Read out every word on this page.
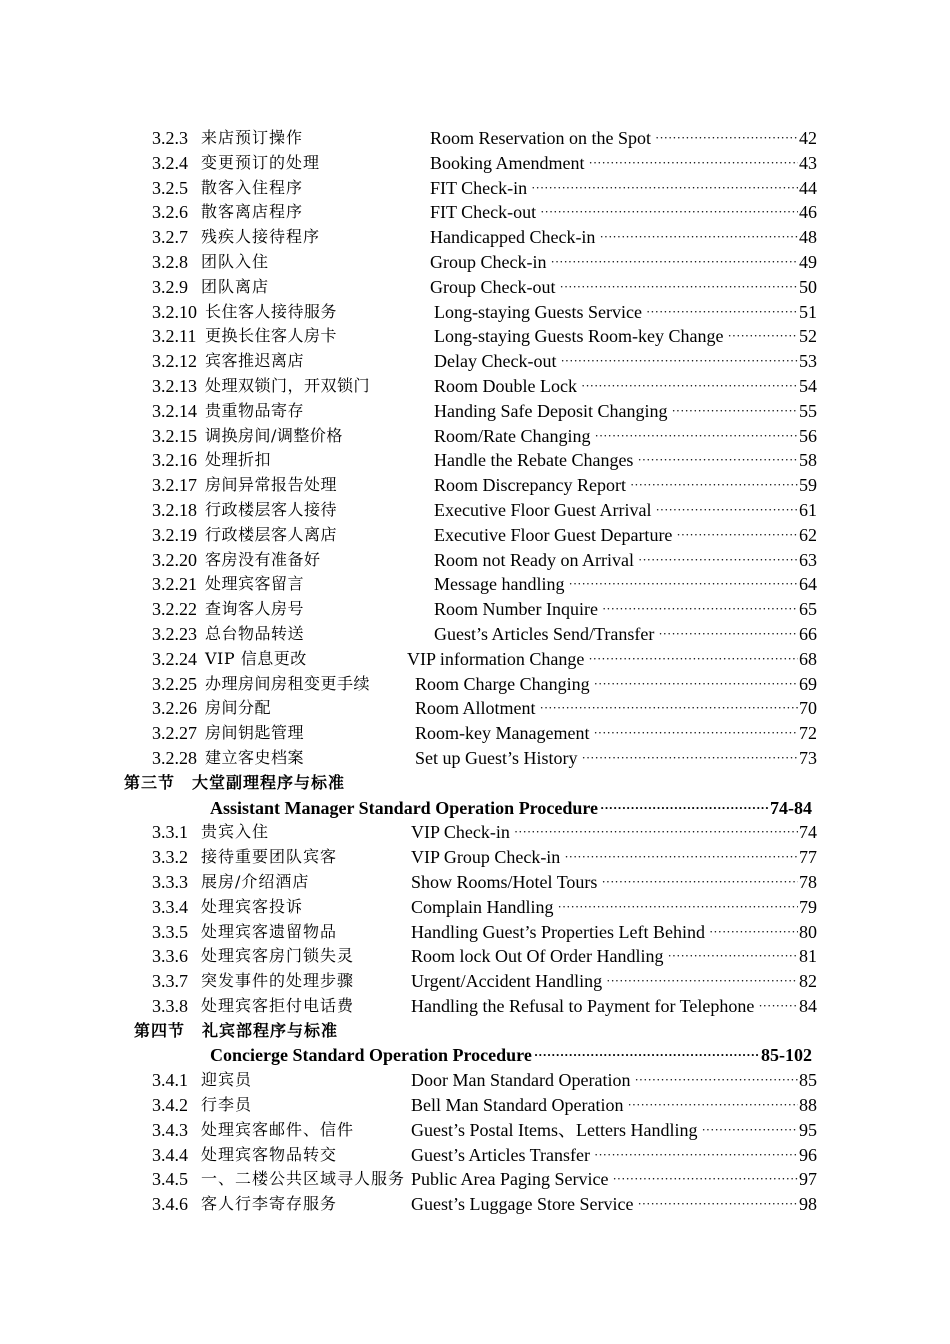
3.2.3 来店预订操作	Room Reservation on the Spot ·····	42
3.2.4 变更预订的处理	Booking Amendment ·····	43
3.2.5 散客入住程序	FIT Check-in ·····	44
3.2.6 散客离店程序	FIT Check-out ·····	46
3.2.7 残疾人接待程序	Handicapped Check-in ·····	48
3.2.8 团队入住	Group Check-in ·····	49
3.2.9 团队离店	Group Check-out ·····	50
3.2.10 长住客人接待服务	Long-staying Guests Service ·····	51
3.2.11 更换长住客人房卡	Long-staying Guests Room-key Change ·····	52
3.2.12 宾客推迟离店	Delay Check-out ·····	53
3.2.13 处理双锁门，开双锁门	Room Double Lock ·····	54
3.2.14 贵重物品寄存	Handing Safe Deposit Changing ·····	55
3.2.15 调换房间/调整价格	Room/Rate Changing ·····	56
3.2.16 处理折扣	Handle the Rebate Changes ·····	58
3.2.17 房间异常报告处理	Room Discrepancy Report ·····	59
3.2.18 行政楼层客人接待	Executive Floor Guest Arrival ·····	61
3.2.19 行政楼层客人离店	Executive Floor Guest Departure ·····	62
3.2.20 客房没有准备好	Room not Ready on Arrival ·····	63
3.2.21 处理宾客留言	Message handling ·····	64
3.2.22 查询客人房号	Room Number Inquire ·····	65
3.2.23 总台物品转送	Guest’s Articles Send/Transfer ·····	66
3.2.24 VIP 信息更改	VIP information Change ·····	68
3.2.25 办理房间房租变更手续 Room Charge Changing ·····	69
3.2.26 房间分配	Room Allotment ·····	70
3.2.27 房间钥匙管理	Room-key Management ·····	72
3.2.28 建立客史档案	Set up Guest’s History ·····	73
第三节　大堂副理程序与标准
Assistant Manager Standard Operation Procedure ·····	74-84
3.3.1 贵宾入住	VIP Check-in ·····	74
3.3.2 接待重要团队宾客	VIP Group Check-in ·····	77
3.3.3 展房/介绍酒店	Show Rooms/Hotel Tours ·····	78
3.3.4 处理宾客投诉	Complain Handling ·····	79
3.3.5 处理宾客遗留物品	Handling Guest’s Properties Left Behind ·····	80
3.3.6 处理宾客房门锁失灵	Room lock Out Of Order Handling ·····	81
3.3.7 突发事件的处理步骤	Urgent/Accident Handling ·····	82
3.3.8 处理宾客拒付电话费	Handling the Refusal to Payment for Telephone ····· 84
第四节　礼宾部程序与标准
Concierge Standard Operation Procedure ·····	85-102
3.4.1 迎宾员	Door Man Standard Operation ·····	85
3.4.2 行李员	Bell Man Standard Operation ·····	88
3.4.3 处理宾客邮件、信件	Guest’s Postal Items、Letters Handling ·····	95
3.4.4 处理宾客物品转交	Guest’s Articles Transfer ·····	96
3.4.5 一、二楼公共区域寻人服务 Public Area Paging Service ·····	97
3.4.6 客人行李寄存服务	Guest’s Luggage Store Service ·····	98
